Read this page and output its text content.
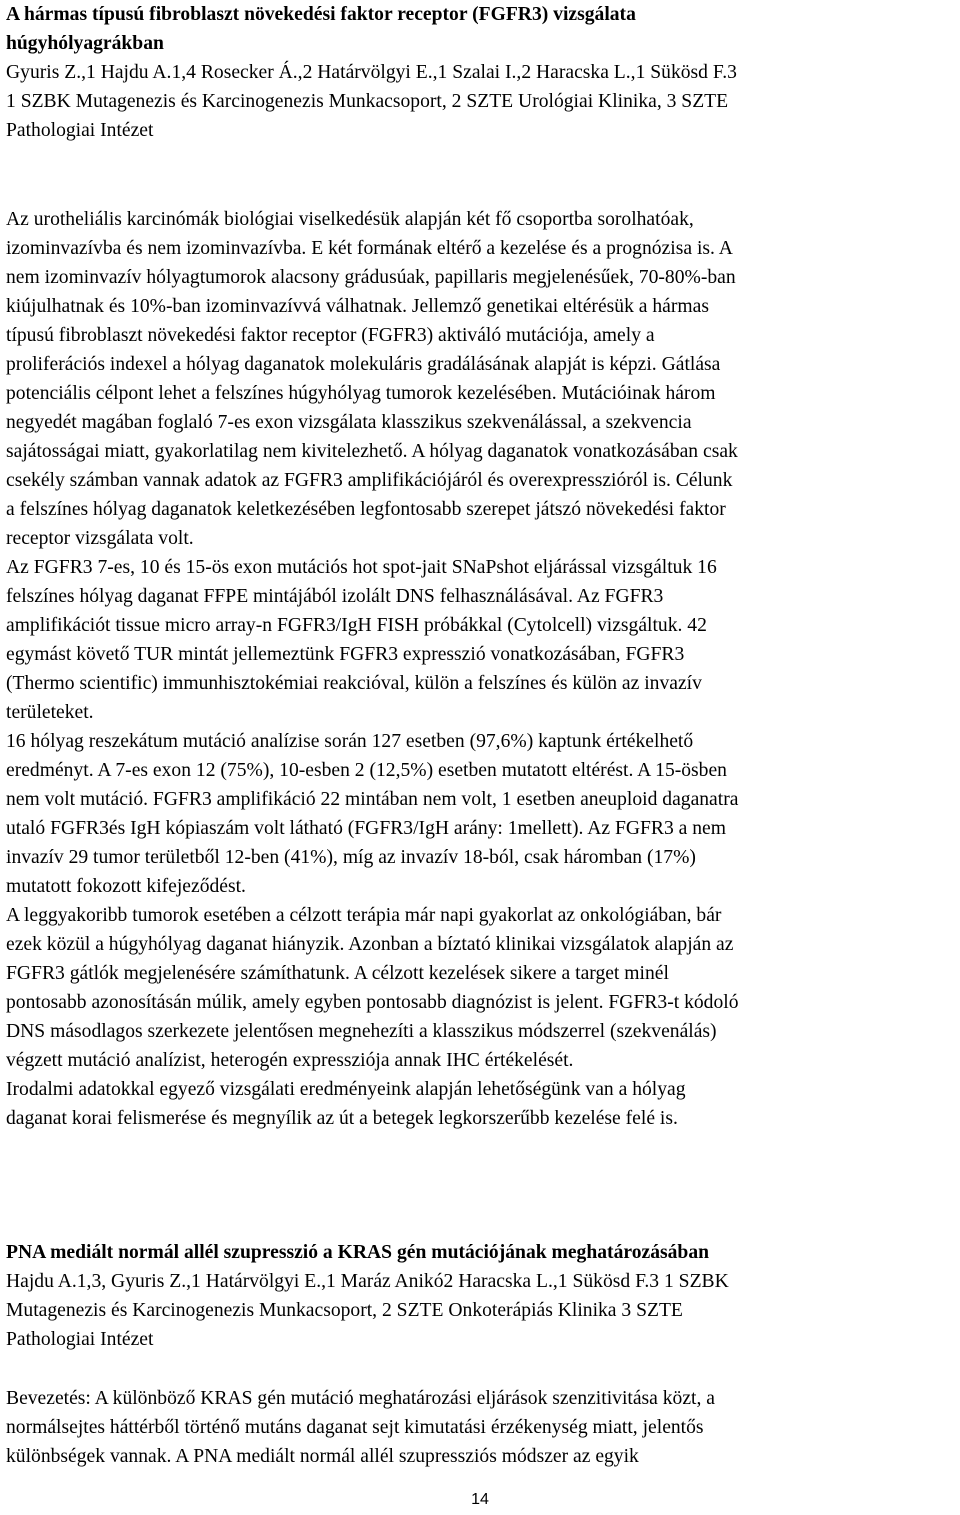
A hármas típusú fibroblaszt növekedési faktor receptor (FGFR3) vizsgálata
húgyhólyagrákban
Gyuris Z.,1 Hajdu A.1,4 Rosecker Á.,2 Határvölgyi E.,1 Szalai I.,2 Haracska L.,1 Sükösd F.3
1 SZBK Mutagenezis és Karcinogenezis Munkacsoport, 2 SZTE Urológiai Klinika, 3 SZTE
Pathologiai Intézet
Az urotheliális karcinómák biológiai viselkedésük alapján két fő csoportba sorolhatóak,
izominvazívba és nem izominvazívba. E két formának eltérő a kezelése és a prognózisa is. A
nem izominvazív hólyagtumorok alacsony grádusúak, papillaris megjelenésűek, 70-80%-ban
kiújulhatnak és 10%-ban izominvazívvá válhatnak. Jellemző genetikai eltérésük a hármas
típusú fibroblaszt növekedési faktor receptor (FGFR3) aktiváló mutációja, amely a
proliferációs indexel a hólyag daganatok molekuláris gradálásának alapját is képzi. Gátlása
potenciális célpont lehet a felszínes húgyhólyag tumorok kezelésében. Mutációinak három
negyedét magában foglaló 7-es exon vizsgálata klasszikus szekvenálással, a szekvencia
sajátosságai miatt, gyakorlatilag nem kivitelezhető. A hólyag daganatok vonatkozásában csak
csekély számban vannak adatok az FGFR3 amplifikációjáról és overexpresszióról is. Célunk
a felszínes hólyag daganatok keletkezésében legfontosabb szerepet játszó növekedési faktor
receptor vizsgálata volt.
Az FGFR3 7-es, 10 és 15-ös exon mutációs hot spot-jait SNaPshot eljárással vizsgáltuk 16
felszínes hólyag daganat FFPE mintájából izolált DNS felhasználásával. Az FGFR3
amplifikációt tissue micro array-n FGFR3/IgH FISH próbákkal (Cytolcell) vizsgáltuk. 42
egymást követő TUR mintát jellemeztünk FGFR3 expresszió vonatkozásában, FGFR3
(Thermo scientific) immunhisztokémiai reakcióval, külön a felszínes és külön az invazív
területeket.
16 hólyag reszekátum mutáció analízise során 127 esetben (97,6%) kaptunk értékelhető
eredményt. A 7-es exon 12 (75%), 10-esben 2 (12,5%) esetben mutatott eltérést. A 15-ösben
nem volt mutáció. FGFR3 amplifikáció 22 mintában nem volt, 1 esetben aneuploid daganatra
utaló FGFR3és IgH kópiaszám volt látható (FGFR3/IgH arány: 1mellett). Az FGFR3 a nem
invazív 29 tumor területből 12-ben (41%), míg az invazív 18-ból, csak háromban (17%)
mutatott fokozott kifejeződést.
A leggyakoribb tumorok esetében a célzott terápia már napi gyakorlat az onkológiában, bár
ezek közül a húgyhólyag daganat hiányzik. Azonban a bíztató klinikai vizsgálatok alapján az
FGFR3 gátlók megjelenésére számíthatunk. A célzott kezelések sikere a target minél
pontosabb azonosításán múlik, amely egyben pontosabb diagnózist is jelent. FGFR3-t kódoló
DNS másodlagos szerkezete jelentősen megnehezíti a klasszikus módszerrel (szekvenálás)
végzett mutáció analízist, heterogén expressziója annak IHC értékelését.
Irodalmi adatokkal egyező vizsgálati eredményeink alapján lehetőségünk van a hólyag
daganat korai felismerése és megnyílik az út a betegek legkorszerűbb kezelése felé is.
PNA mediált normál allél szupresszió a KRAS gén mutációjának meghatározásában
Hajdu A.1,3, Gyuris Z.,1 Határvölgyi E.,1 Maráz Anikó2 Haracska L.,1 Sükösd F.3 1 SZBK
Mutagenezis és Karcinogenezis Munkacsoport, 2 SZTE Onkoterápiás Klinika 3 SZTE
Pathologiai Intézet
Bevezetés: A különböző KRAS gén mutáció meghatározási eljárások szenzitivitása közt, a
normálsejtes háttérből történő mutáns daganat sejt kimutatási érzékenység miatt, jelentős
különbségek vannak. A PNA mediált normál allél szupressziós módszer az egyik
14
